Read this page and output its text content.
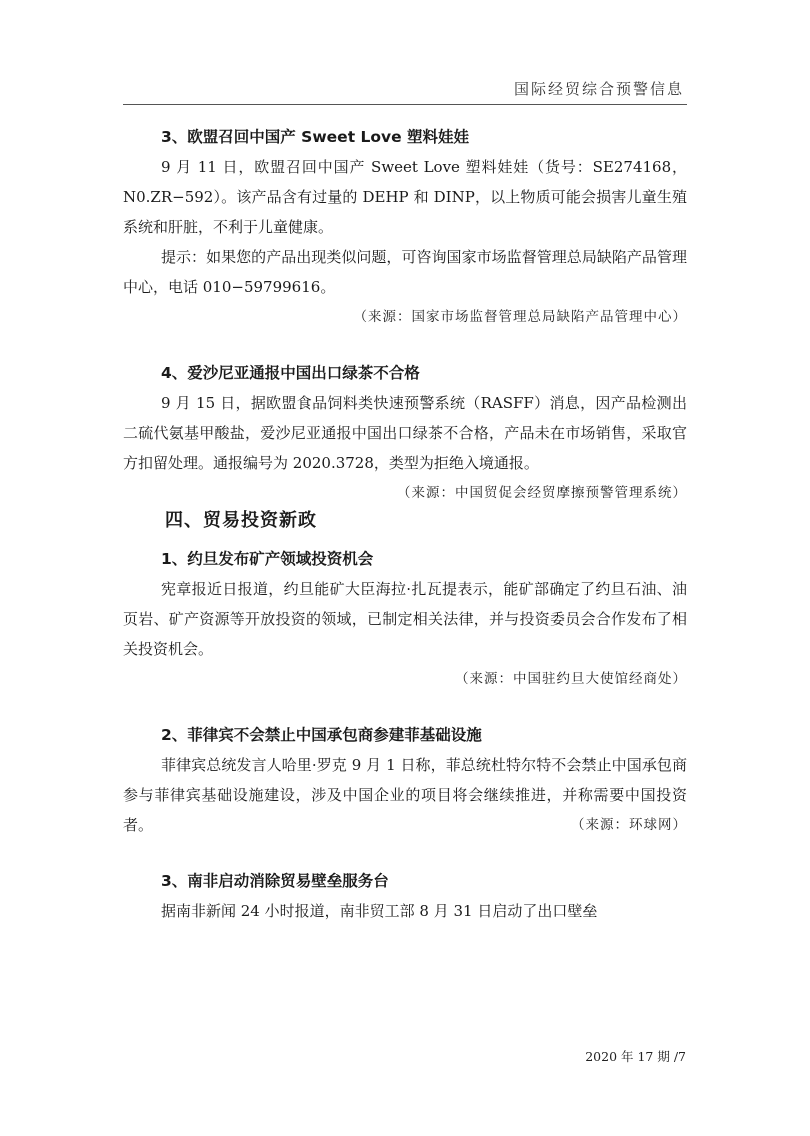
国际经贸综合预警信息
3、欧盟召回中国产 Sweet Love 塑料娃娃

9 月 11 日，欧盟召回中国产 Sweet Love 塑料娃娃（货号：SE274168，N0.ZR−592）。该产品含有过量的 DEHP 和 DINP，以上物质可能会损害儿童生殖系统和肝脏，不利于儿童健康。

提示：如果您的产品出现类似问题，可咨询国家市场监督管理总局缺陷产品管理中心，电话 010−59799616。

（来源：国家市场监督管理总局缺陷产品管理中心）
4、爱沙尼亚通报中国出口绿茶不合格

9 月 15 日，据欧盟食品饲料类快速预警系统（RASFF）消息，因产品检测出二硫代氨基甲酸盐，爱沙尼亚通报中国出口绿茶不合格，产品未在市场销售，采取官方扣留处理。通报编号为 2020.3728，类型为拒绝入境通报。
（来源：中国贸促会经贸摩擦预警管理系统）

四、贸易投资新政
1、约旦发布矿产领域投资机会

宪章报近日报道，约旦能矿大臣海拉·扎瓦提表示，能矿部确定了约旦石油、油页岩、矿产资源等开放投资的领域，已制定相关法律，并与投资委员会合作发布了相关投资机会。

（来源：中国驻约旦大使馆经商处）
2、菲律宾不会禁止中国承包商参建菲基础设施

菲律宾总统发言人哈里·罗克 9 月 1 日称，菲总统杜特尔特不会禁止中国承包商参与菲律宾基础设施建设，涉及中国企业的项目将会继续推进，并称需要中国投资者。	（来源：环球网）

3、南非启动消除贸易壁垒服务台

据南非新闻 24 小时报道，南非贸工部 8 月 31 日启动了出口壁垒

2020 年 17 期 /7
